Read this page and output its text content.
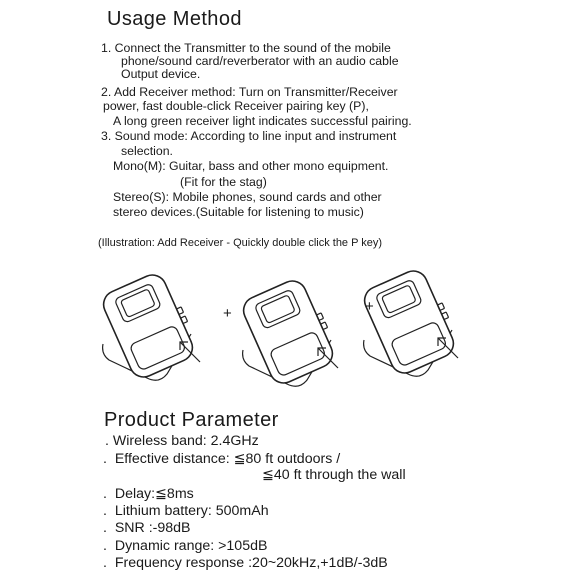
Usage Method
1. Connect the Transmitter to the sound of the mobile
phone/sound card/reverberator with an audio cable
Output device.
2. Add Receiver method: Turn on Transmitter/Receiver
power, fast double-click Receiver pairing key (P),
A long green receiver light indicates successful pairing.
3. Sound mode: According to line input and instrument
selection.
Mono(M): Guitar, bass and other mono equipment.
(Fit for the stag)
Stereo(S): Mobile phones, sound cards and other
stereo devices.(Suitable for listening to music)
(Illustration: Add Receiver - Quickly double click the P key)
+	+
Product Parameter
. Wireless band: 2.4GHz
.  Effective distance: ≦80 ft outdoors /
≦40 ft through the wall
.  Delay:≦8ms
.  Lithium battery: 500mAh
.  SNR :-98dB
.  Dynamic range: >105dB
.  Frequency response :20~20kHz,+1dB/-3dB
